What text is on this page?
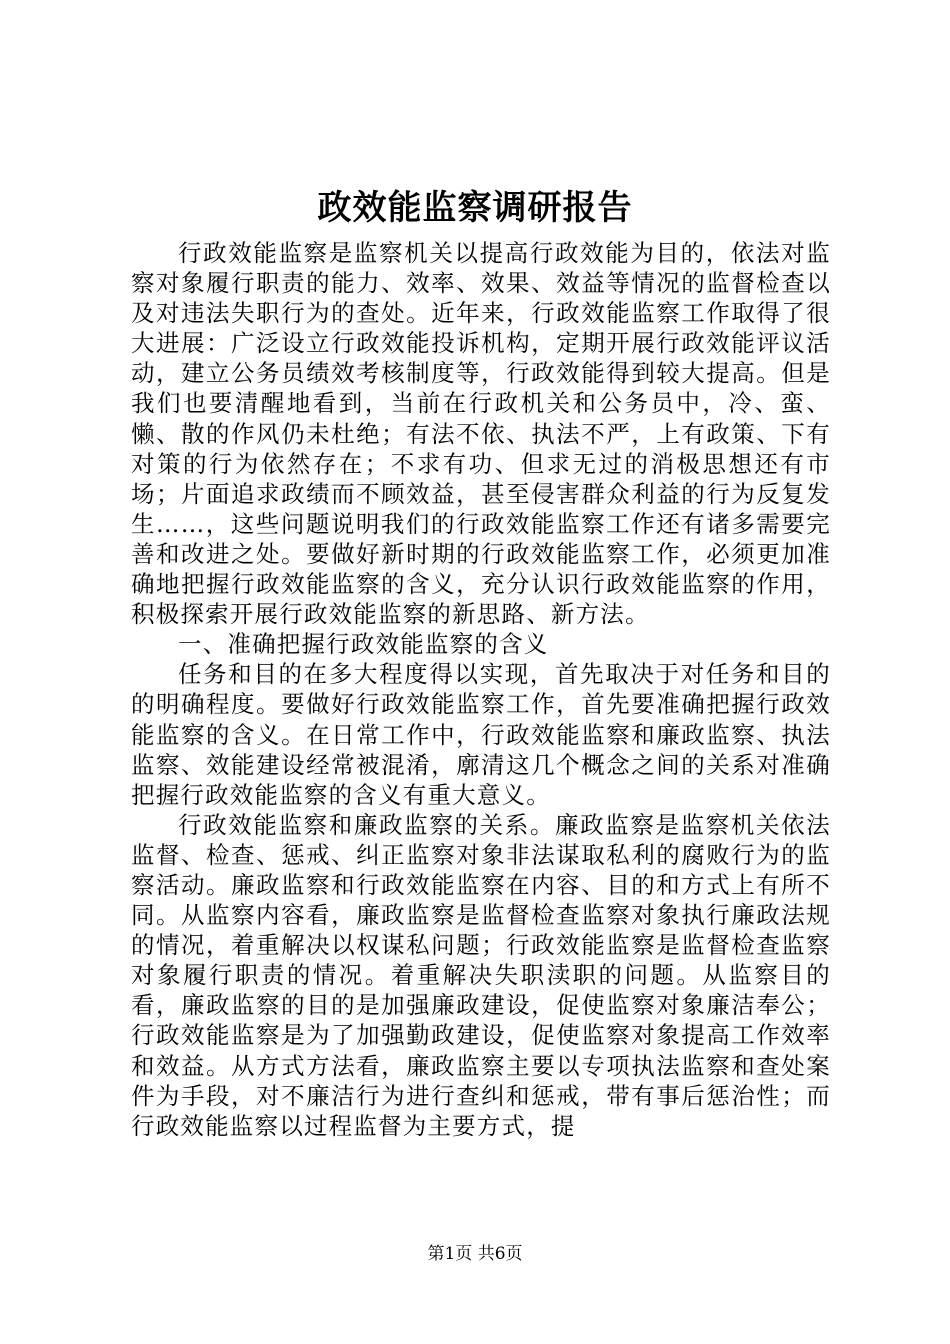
政效能监察调研报告

行政效能监察是监察机关以提高行政效能为目的，依法对监察对象履行职责的能力、效率、效果、效益等情况的监督检查以及对违法失职行为的查处。近年来，行政效能监察工作取得了很大进展：广泛设立行政效能投诉机构，定期开展行政效能评议活动，建立公务员绩效考核制度等，行政效能得到较大提高。但是我们也要清醒地看到，当前在行政机关和公务员中，冷、蛮、懒、散的作风仍未杜绝；有法不依、执法不严，上有政策、下有对策的行为依然存在；不求有功、但求无过的消极思想还有市场；片面追求政绩而不顾效益，甚至侵害群众利益的行为反复发生……，这些问题说明我们的行政效能监察工作还有诸多需要完善和改进之处。要做好新时期的行政效能监察工作，必须更加准确地把握行政效能监察的含义，充分认识行政效能监察的作用，积极探索开展行政效能监察的新思路、新方法。

一、准确把握行政效能监察的含义

任务和目的在多大程度得以实现，首先取决于对任务和目的的明确程度。要做好行政效能监察工作，首先要准确把握行政效能监察的含义。在日常工作中，行政效能监察和廉政监察、执法监察、效能建设经常被混淆，廓清这几个概念之间的关系对准确把握行政效能监察的含义有重大意义。

行政效能监察和廉政监察的关系。廉政监察是监察机关依法监督、检查、惩戒、纠正监察对象非法谋取私利的腐败行为的监察活动。廉政监察和行政效能监察在内容、目的和方式上有所不同。从监察内容看，廉政监察是监督检查监察对象执行廉政法规的情况，着重解决以权谋私问题；行政效能监察是监督检查监察对象履行职责的情况。着重解决失职渎职的问题。从监察目的看，廉政监察的目的是加强廉政建设，促使监察对象廉洁奉公；行政效能监察是为了加强勤政建设，促使监察对象提高工作效率和效益。从方式方法看，廉政监察主要以专项执法监察和查处案件为手段，对不廉洁行为进行查纠和惩戒，带有事后惩治性；而行政效能监察以过程监督为主要方式，提

第1页 共6页
